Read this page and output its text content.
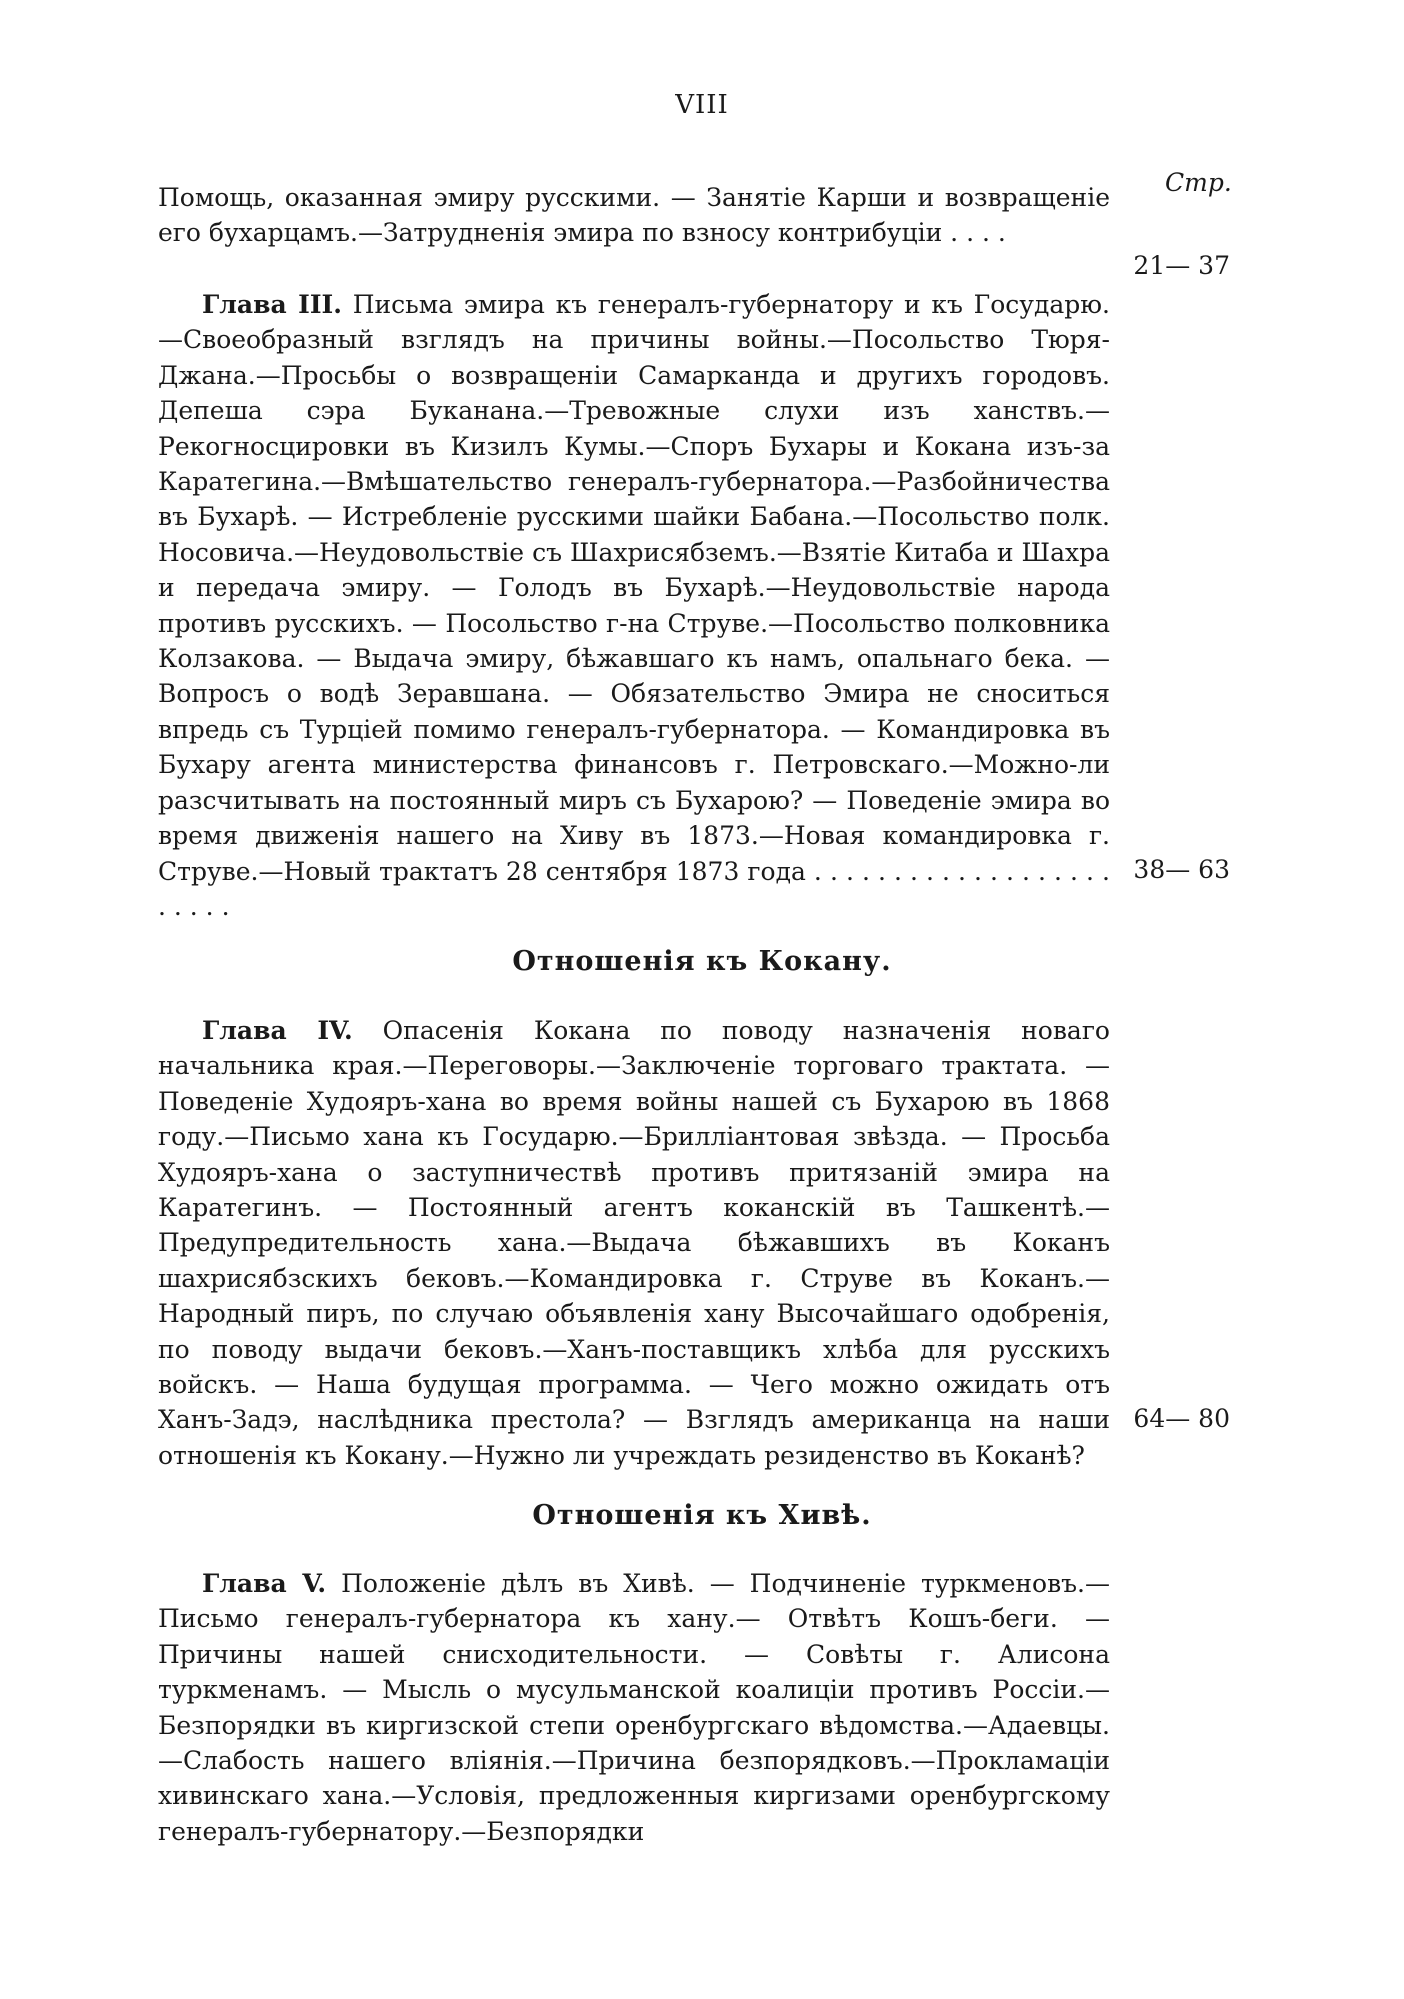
VIII
Стр.

Помощь, оказанная эмиру русскими. — Занятіе Карши и возвращеніе его бухарцамъ.—Затрудненія эмира по взносу контрибуціи . . . .

21— 37

Глава III. Письма эмира къ генералъ-губернатору и къ Государю. —Своеобразный взглядъ на причины войны.—Посольство Тюря-Джана.—Просьбы о возвращеніи Самарканда и другихъ городовъ. Депеша сэра Буканана.—Тревожные слухи изъ ханствъ.—Рекогносцировки въ Кизилъ Кумы.—Споръ Бухары и Кокана изъ-за Каратегина.—Вмѣшательство генералъ-губернатора.—Разбойничества въ Бухарѣ. — Истребленіе русскими шайки Бабана.—Посольство полк. Носовича.—Неудовольствіе съ Шахрисябземъ.—Взятіе Китаба и Шахра и передача эмиру. — Голодъ въ Бухарѣ.—Неудовольствіе народа противъ русскихъ. — Посольство г-на Струве.—Посольство полковника Колзакова. — Выдача эмиру, бѣжавшаго къ намъ, опальнаго бека. — Вопросъ о водѣ Зеравшана. — Обязательство Эмира не сноситься впредь съ Турціей помимо генералъ-губернатора. — Командировка въ Бухару агента министерства финансовъ г. Петровскаго.—Можно-ли разсчитывать на постоянный миръ съ Бухарою? — Поведеніе эмира во время движенія нашего на Хиву въ 1873.—Новая командировка г. Струве.—Новый трактатъ 28 сентября 1873 года . . . . . . . . . . . . . . . . . . . . . . . .

38— 63
Отношенія къ Кокану.

Глава IV. Опасенія Кокана по поводу назначенія новаго начальника края.—Переговоры.—Заключеніе торговаго трактата. — Поведеніе Худояръ-хана во время войны нашей съ Бухарою въ 1868 году.—Письмо хана къ Государю.—Брилліантовая звѣзда. — Просьба Худояръ-хана о заступничествѣ противъ притязаній эмира на Каратегинъ. — Постоянный агентъ коканскій въ Ташкентѣ.—Предупредительность хана.—Выдача бѣжавшихъ въ Коканъ шахрисябзскихъ бековъ.—Командировка г. Струве въ Коканъ.—Народный пиръ, по случаю объявленія хану Высочайшаго одобренія, по поводу выдачи бековъ.—Ханъ-поставщикъ хлѣба для русскихъ войскъ. — Наша будущая программа. — Чего можно ожидать отъ Ханъ-Задэ, наслѣдника престола? — Взглядъ американца на наши отношенія къ Кокану.—Нужно ли учреждать резиденство въ Коканѣ?

64— 80
Отношенія къ Хивѣ.

Глава V. Положеніе дѣлъ въ Хивѣ. — Подчиненіе туркменовъ.—Письмо генералъ-губернатора къ хану.— Отвѣтъ Кошъ-беги. — Причины нашей снисходительности. — Совѣты г. Алисона туркменамъ. — Мысль о мусульманской коалиціи противъ Россіи.—Безпорядки въ киргизской степи оренбургскаго вѣдомства.—Адаевцы.—Слабость нашего вліянія.—Причина безпорядковъ.—Прокламаціи хивинскаго хана.—Условія, предложенныя киргизами оренбургскому генералъ-губернатору.—Безпорядки
